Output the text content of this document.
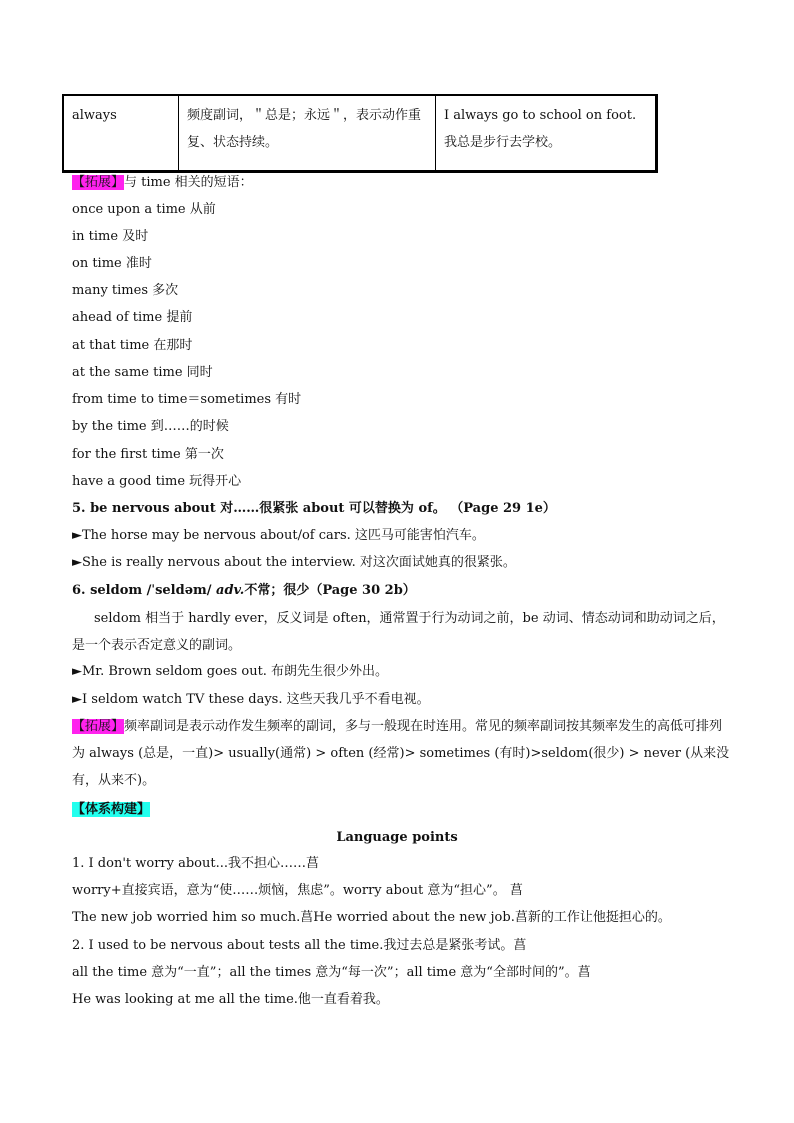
always	频度副词，＂总是；永远＂，表示动作重复、状态持续。	I always go to school on foot. 我总是步行去学校。
【拓展】与 time 相关的短语：
once upon a time 从前
in time 及时
on time 准时
many times 多次
ahead of time 提前
at that time 在那时
at the same time 同时
from time to time＝sometimes 有时
by the time 到……的时候
for the first time 第一次
have a good time 玩得开心
5. be nervous about 对……很紧张 about 可以替换为 of。 （Page 29 1e）
►The horse may be nervous about/of cars. 这匹马可能害怕汽车。
►She is really nervous about the interview. 对这次面试她真的很紧张。
6. seldom /ˈseldəm/ adv.不常；很少（Page 30 2b）
seldom 相当于 hardly ever，反义词是 often，通常置于行为动词之前，be 动词、情态动词和助动词之后，是一个表示否定意义的副词。
►Mr. Brown seldom goes out. 布朗先生很少外出。
►I seldom watch TV these days. 这些天我几乎不看电视。
【拓展】频率副词是表示动作发生频率的副词，多与一般现在时连用。常见的频率副词按其频率发生的高低可排列为 always (总是，一直)> usually(通常) > often (经常)> sometimes (有时)>seldom(很少) > never (从来没有，从来不)。
【体系构建】
Language points
1. I don't worry about...我不担心……菖
worry+直接宾语，意为“使……烦恼，焦虑”。worry about 意为“担心”。 菖
The new job worried him so much.菖He worried about the new job.菖新的工作让他挺担心的。
2. I used to be nervous about tests all the time.我过去总是紧张考试。菖
all the time 意为“一直”；all the times 意为“每一次”；all time 意为“全部时间的”。菖
He was looking at me all the time.他一直看着我。
